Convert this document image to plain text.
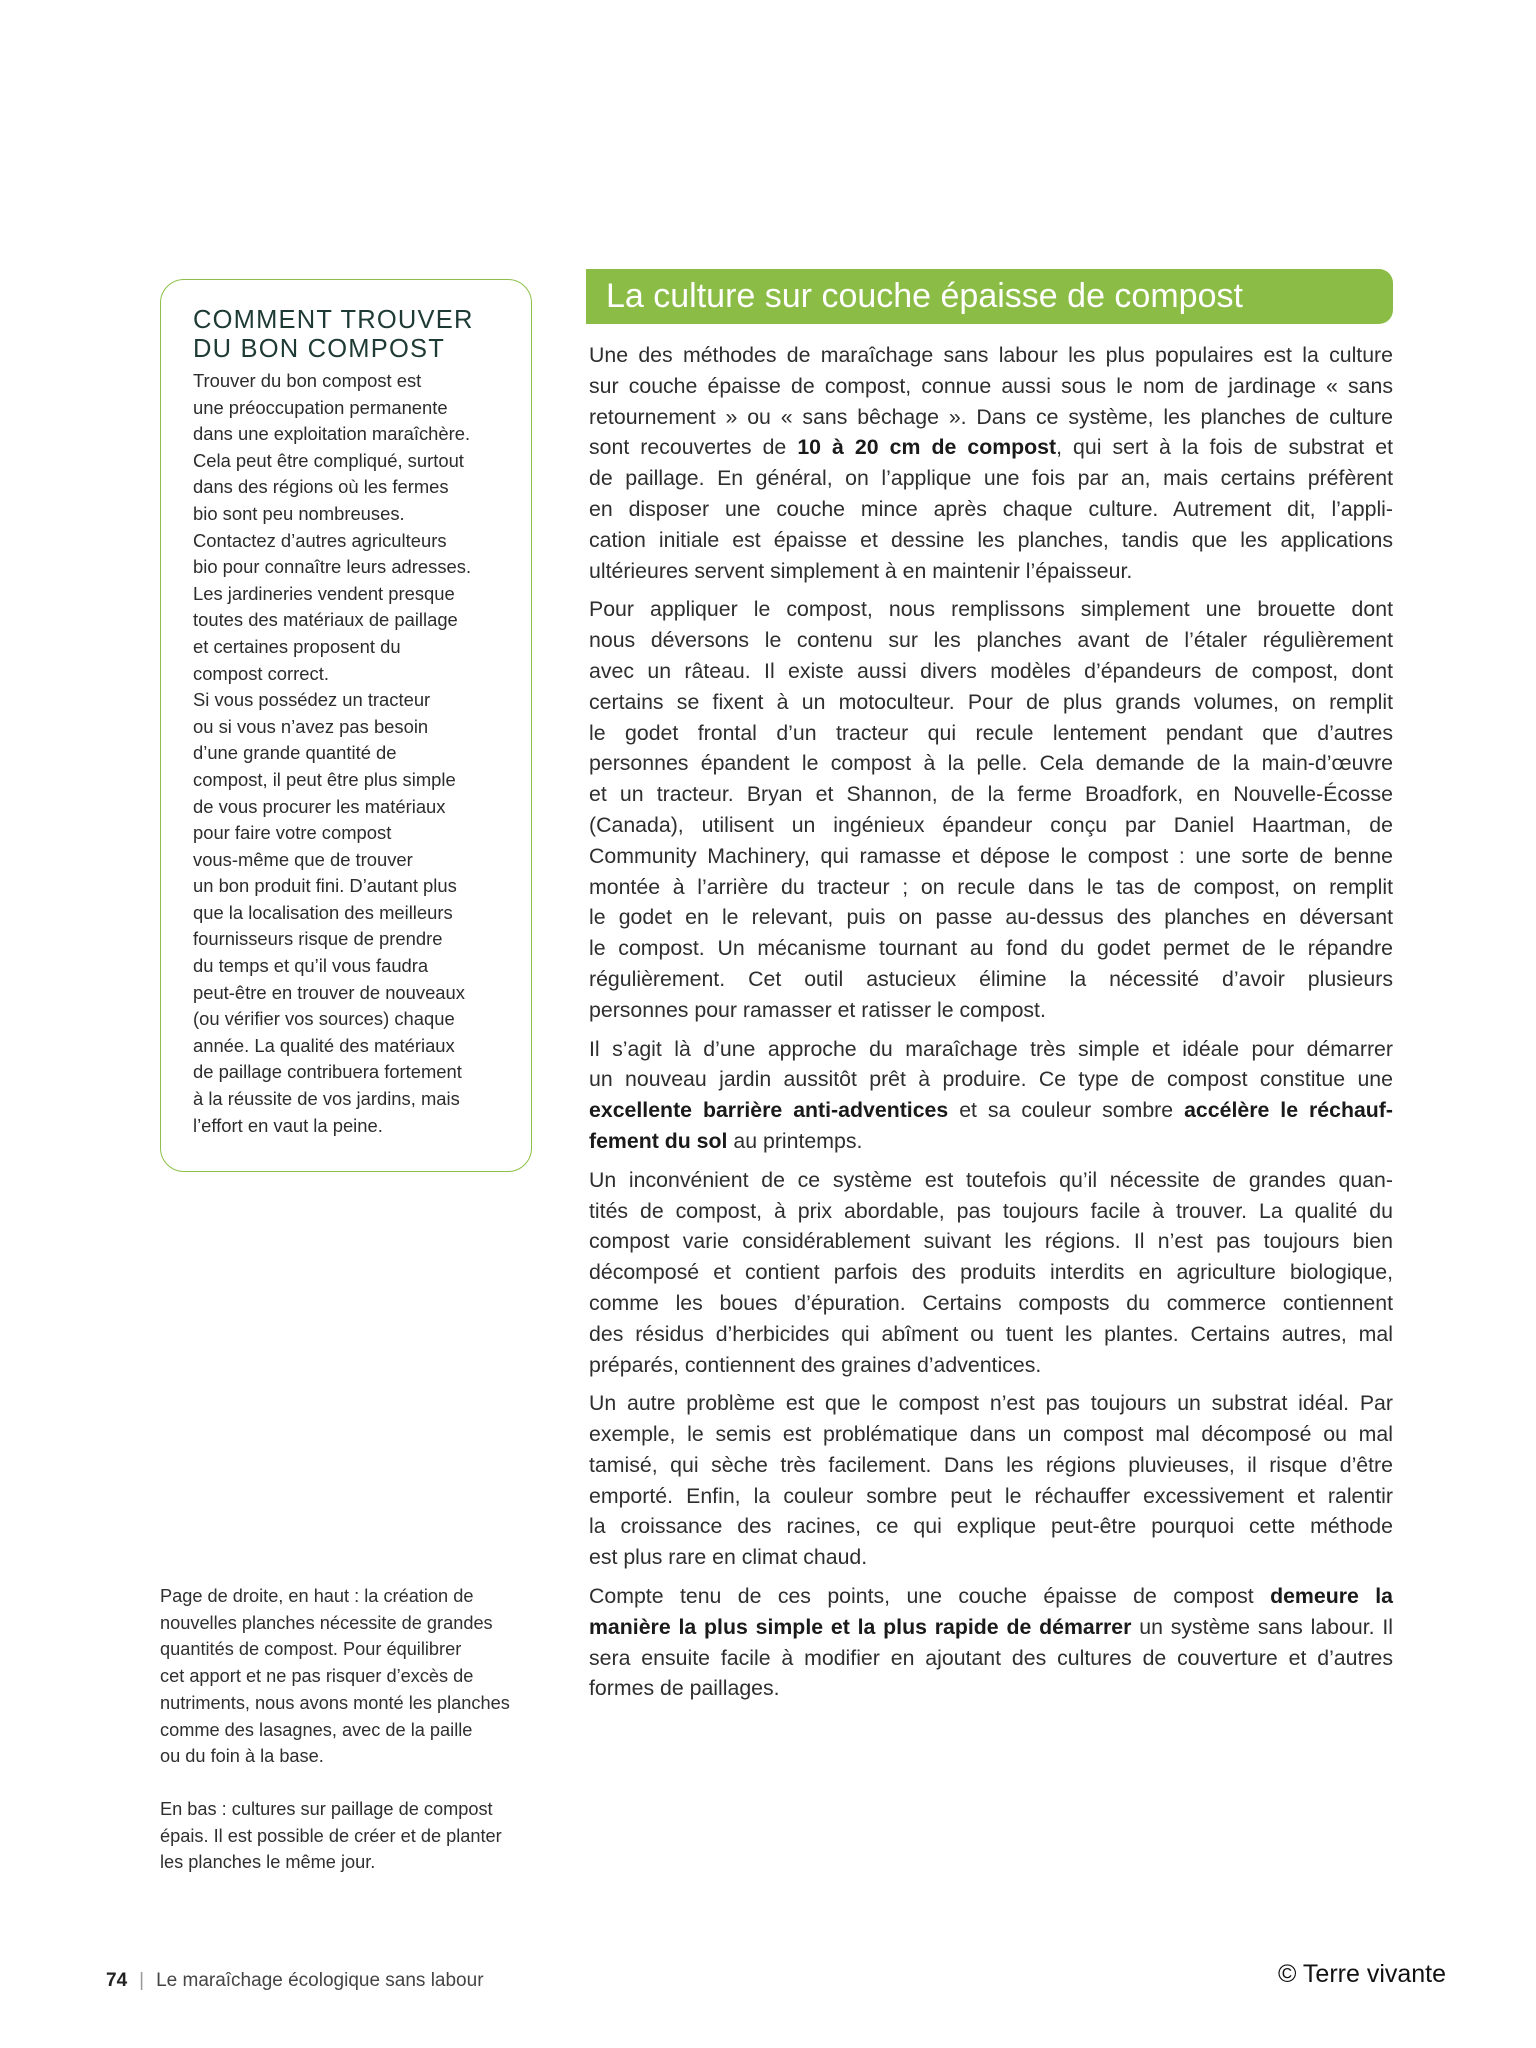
COMMENT TROUVER
DU BON COMPOST
Trouver du bon compost est
une préoccupation permanente
dans une exploitation maraîchère.
Cela peut être compliqué, surtout
dans des régions où les fermes
bio sont peu nombreuses.
Contactez d’autres agriculteurs
bio pour connaître leurs adresses.
Les jardineries vendent presque
toutes des matériaux de paillage
et certaines proposent du
compost correct.
Si vous possédez un tracteur
ou si vous n’avez pas besoin
d’une grande quantité de
compost, il peut être plus simple
de vous procurer les matériaux
pour faire votre compost
vous-même que de trouver
un bon produit fini. D’autant plus
que la localisation des meilleurs
fournisseurs risque de prendre
du temps et qu’il vous faudra
peut-être en trouver de nouveaux
(ou vérifier vos sources) chaque
année. La qualité des matériaux
de paillage contribuera fortement
à la réussite de vos jardins, mais
l’effort en vaut la peine.
La culture sur couche épaisse de compost

Une des méthodes de maraîchage sans labour les plus populaires est la culture
sur couche épaisse de compost, connue aussi sous le nom de jardinage « sans
retournement » ou « sans bêchage ». Dans ce système, les planches de culture
sont recouvertes de 10 à 20 cm de compost, qui sert à la fois de substrat et
de paillage. En général, on l’applique une fois par an, mais certains préfèrent
en disposer une couche mince après chaque culture. Autrement dit, l’appli-
cation initiale est épaisse et dessine les planches, tandis que les applications
ultérieures servent simplement à en maintenir l’épaisseur.

Pour appliquer le compost, nous remplissons simplement une brouette dont
nous déversons le contenu sur les planches avant de l’étaler régulièrement
avec un râteau. Il existe aussi divers modèles d’épandeurs de compost, dont
certains se fixent à un motoculteur. Pour de plus grands volumes, on remplit
le godet frontal d’un tracteur qui recule lentement pendant que d’autres
personnes épandent le compost à la pelle. Cela demande de la main-d’œuvre
et un tracteur. Bryan et Shannon, de la ferme Broadfork, en Nouvelle-Écosse
(Canada), utilisent un ingénieux épandeur conçu par Daniel Haartman, de
Community Machinery, qui ramasse et dépose le compost : une sorte de benne
montée à l’arrière du tracteur ; on recule dans le tas de compost, on remplit
le godet en le relevant, puis on passe au-dessus des planches en déversant
le compost. Un mécanisme tournant au fond du godet permet de le répandre
régulièrement. Cet outil astucieux élimine la nécessité d’avoir plusieurs
personnes pour ramasser et ratisser le compost.

Il s’agit là d’une approche du maraîchage très simple et idéale pour démarrer
un nouveau jardin aussitôt prêt à produire. Ce type de compost constitue une
excellente barrière anti-adventices et sa couleur sombre accélère le réchauf-
fement du sol au printemps.

Un inconvénient de ce système est toutefois qu’il nécessite de grandes quan-
tités de compost, à prix abordable, pas toujours facile à trouver. La qualité du
compost varie considérablement suivant les régions. Il n’est pas toujours bien
décomposé et contient parfois des produits interdits en agriculture biologique,
comme les boues d’épuration. Certains composts du commerce contiennent
des résidus d’herbicides qui abîment ou tuent les plantes. Certains autres, mal
préparés, contiennent des graines d’adventices.

Un autre problème est que le compost n’est pas toujours un substrat idéal. Par
exemple, le semis est problématique dans un compost mal décomposé ou mal
tamisé, qui sèche très facilement. Dans les régions pluvieuses, il risque d’être
emporté. Enfin, la couleur sombre peut le réchauffer excessivement et ralentir
la croissance des racines, ce qui explique peut-être pourquoi cette méthode
est plus rare en climat chaud.

Compte tenu de ces points, une couche épaisse de compost demeure la
manière la plus simple et la plus rapide de démarrer un système sans labour. Il
sera ensuite facile à modifier en ajoutant des cultures de couverture et d’autres
formes de paillages.

Page de droite, en haut : la création de
nouvelles planches nécessite de grandes
quantités de compost. Pour équilibrer
cet apport et ne pas risquer d’excès de
nutriments, nous avons monté les planches
comme des lasagnes, avec de la paille
ou du foin à la base.
En bas : cultures sur paillage de compost
épais. Il est possible de créer et de planter
les planches le même jour.
74 | Le maraîchage écologique sans labour	© Terre vivante
